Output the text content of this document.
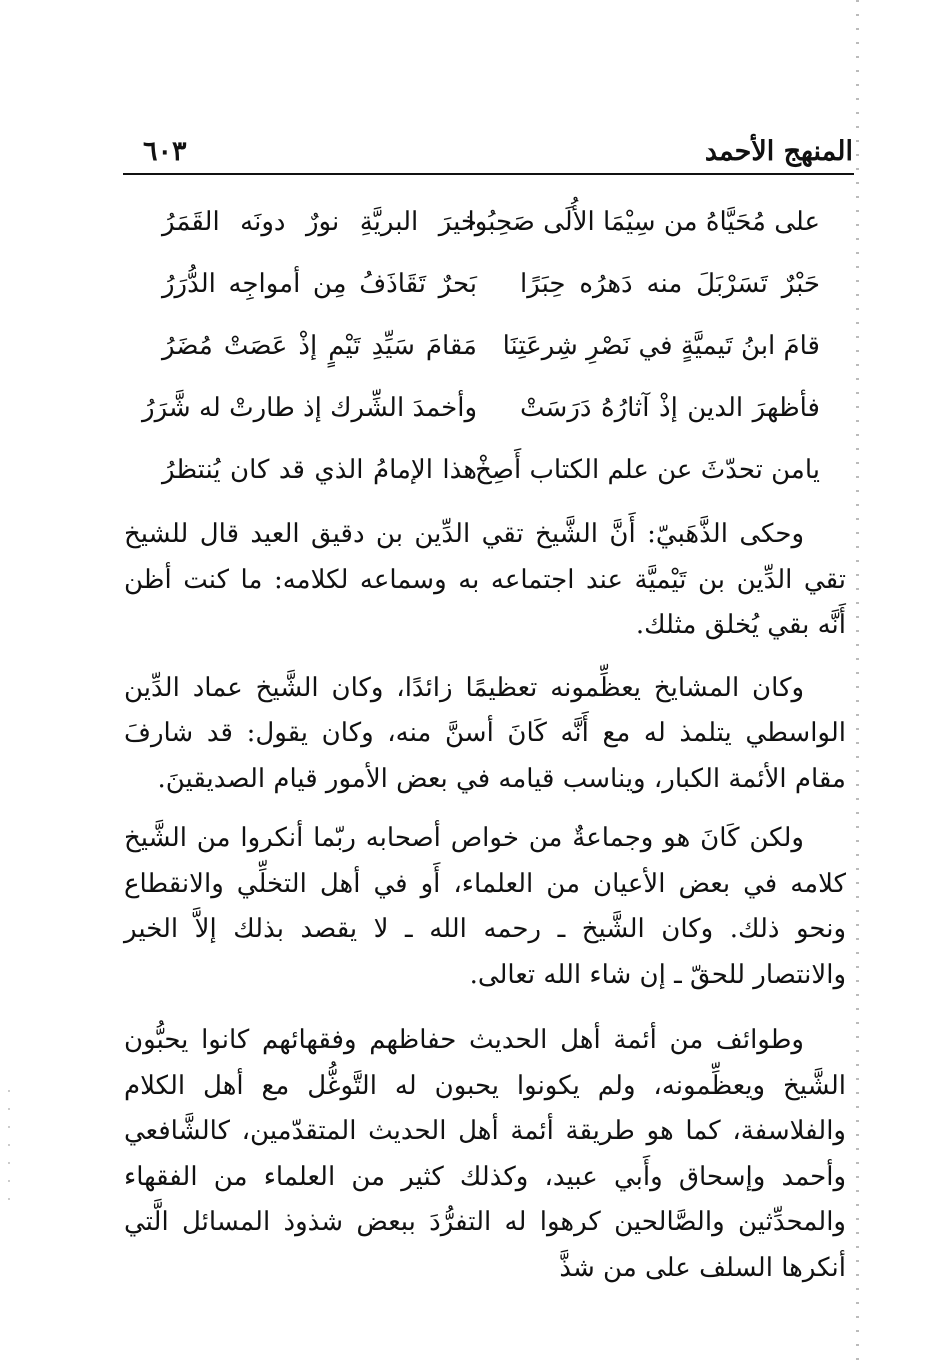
المنهج الأحمد
٦٠٣
على مُحَيَّاهُ من سِيْمَا الأُلَى صَحِبُوا
خيرَ البريَّةِ نورٌ دونَه القَمَرُ
حَبْرٌ تَسَرْبَلَ منه دَهرُه حِبَرًا
بَحرٌ تَقَاذَفُ مِن أمواجِه الدُّرَرُ
قامَ ابنُ تَيميَّةٍ في نَصْرِ شِرعَتِنَا
مَقامَ سَيِّدِ تَيْمٍ إذْ عَصَتْ مُضَرُ
فأظهرَ الدين إذْ آثارُهُ دَرَسَتْ
وأخمدَ الشِّرك إذ طارتْ له شَّرَرُ
يامن تحدّثَ عن علم الكتاب أَصِخْ
هذا الإمامُ الذي قد كان يُنتظرُ

وحكى الذَّهَبيّ: أَنَّ الشَّيخ تقي الدِّين بن دقيق العيد قال للشيخ تقي الدِّين بن تَيْميَّة عند اجتماعه به وسماعه لكلامه: ما كنت أظن أَنَّه بقي يُخلق مثلك.

وكان المشايخ يعظِّمونه تعظيمًا زائدًا، وكان الشَّيخ عماد الدِّين الواسطي يتلمذ له مع أَنَّه كَانَ أسنَّ منه، وكان يقول: قد شارفَ مقام الأئمة الكبار، ويناسب قيامه في بعض الأمور قيام الصديقينَ.

ولكن كَانَ هو وجماعةٌ من خواص أصحابه ربّما أنكروا من الشَّيخ كلامه في بعض الأعيان من العلماء، أَو في أهل التخلِّي والانقطاع ونحو ذلك. وكان الشَّيخ ـ رحمه الله ـ لا يقصد بذلك إلاَّ الخير والانتصار للحقّ ـ إن شاء الله تعالى.

وطوائف من أئمة أهل الحديث حفاظهم وفقهائهم كانوا يحبُّون الشَّيخ ويعظِّمونه، ولم يكونوا يحبون له التَّوغُّل مع أهل الكلام والفلاسفة، كما هو طريقة أئمة أهل الحديث المتقدّمين، كالشَّافعي وأحمد وإسحاق وأَبي عبيد، وكذلك كثير من العلماء من الفقهاء والمحدِّثين والصَّالحين كرهوا له التفرُّدَ ببعض شذوذ المسائل الَّتي أنكرها السلف على من شذَّ
